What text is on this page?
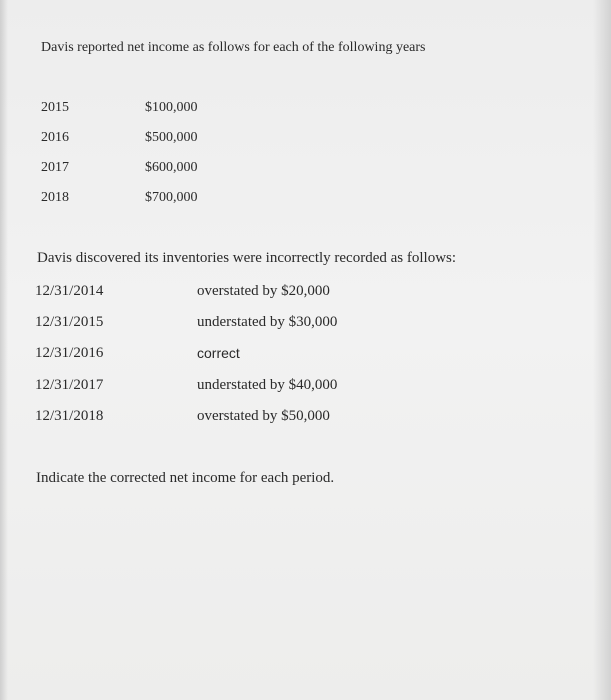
Davis reported net income as follows for each of the following years
2015	$100,000
2016	$500,000
2017	$600,000
2018	$700,000
Davis discovered its inventories were incorrectly recorded as follows:
12/31/2014	overstated by $20,000
12/31/2015	understated by $30,000
12/31/2016	correct
12/31/2017	understated by $40,000
12/31/2018	overstated by $50,000
Indicate the corrected net income for each period.
